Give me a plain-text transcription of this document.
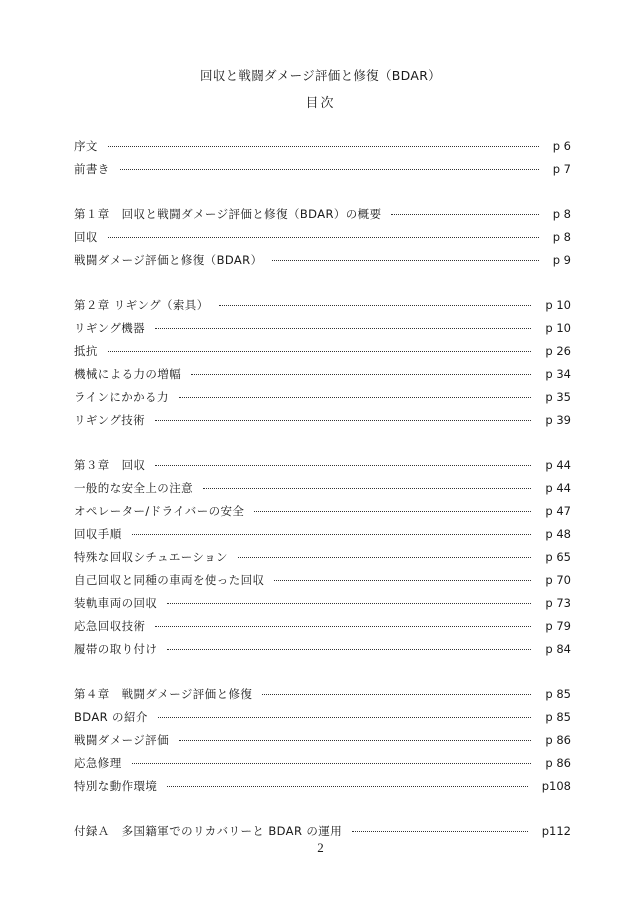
回収と戦闘ダメージ評価と修復（BDAR）
目次
序文	p 6
前書き	p 7
第１章　回収と戦闘ダメージ評価と修復（BDAR）の概要	p 8
回収	p 8
戦闘ダメージ評価と修復（BDAR）	p 9
第２章 リギング（索具）	p 10
リギング機器	p 10
抵抗	p 26
機械による力の増幅	p 34
ラインにかかる力	p 35
リギング技術	p 39
第３章　回収	p 44
一般的な安全上の注意	p 44
オペレーター/ドライバーの安全	p 47
回収手順	p 48
特殊な回収シチュエーション	p 65
自己回収と同種の車両を使った回収	p 70
装軌車両の回収	p 73
応急回収技術	p 79
履帯の取り付け	p 84
第４章　戦闘ダメージ評価と修復	p 85
BDAR の紹介	p 85
戦闘ダメージ評価	p 86
応急修理	p 86
特別な動作環境	p108
付録Ａ　多国籍軍でのリカバリーと BDAR の運用	p112
2
